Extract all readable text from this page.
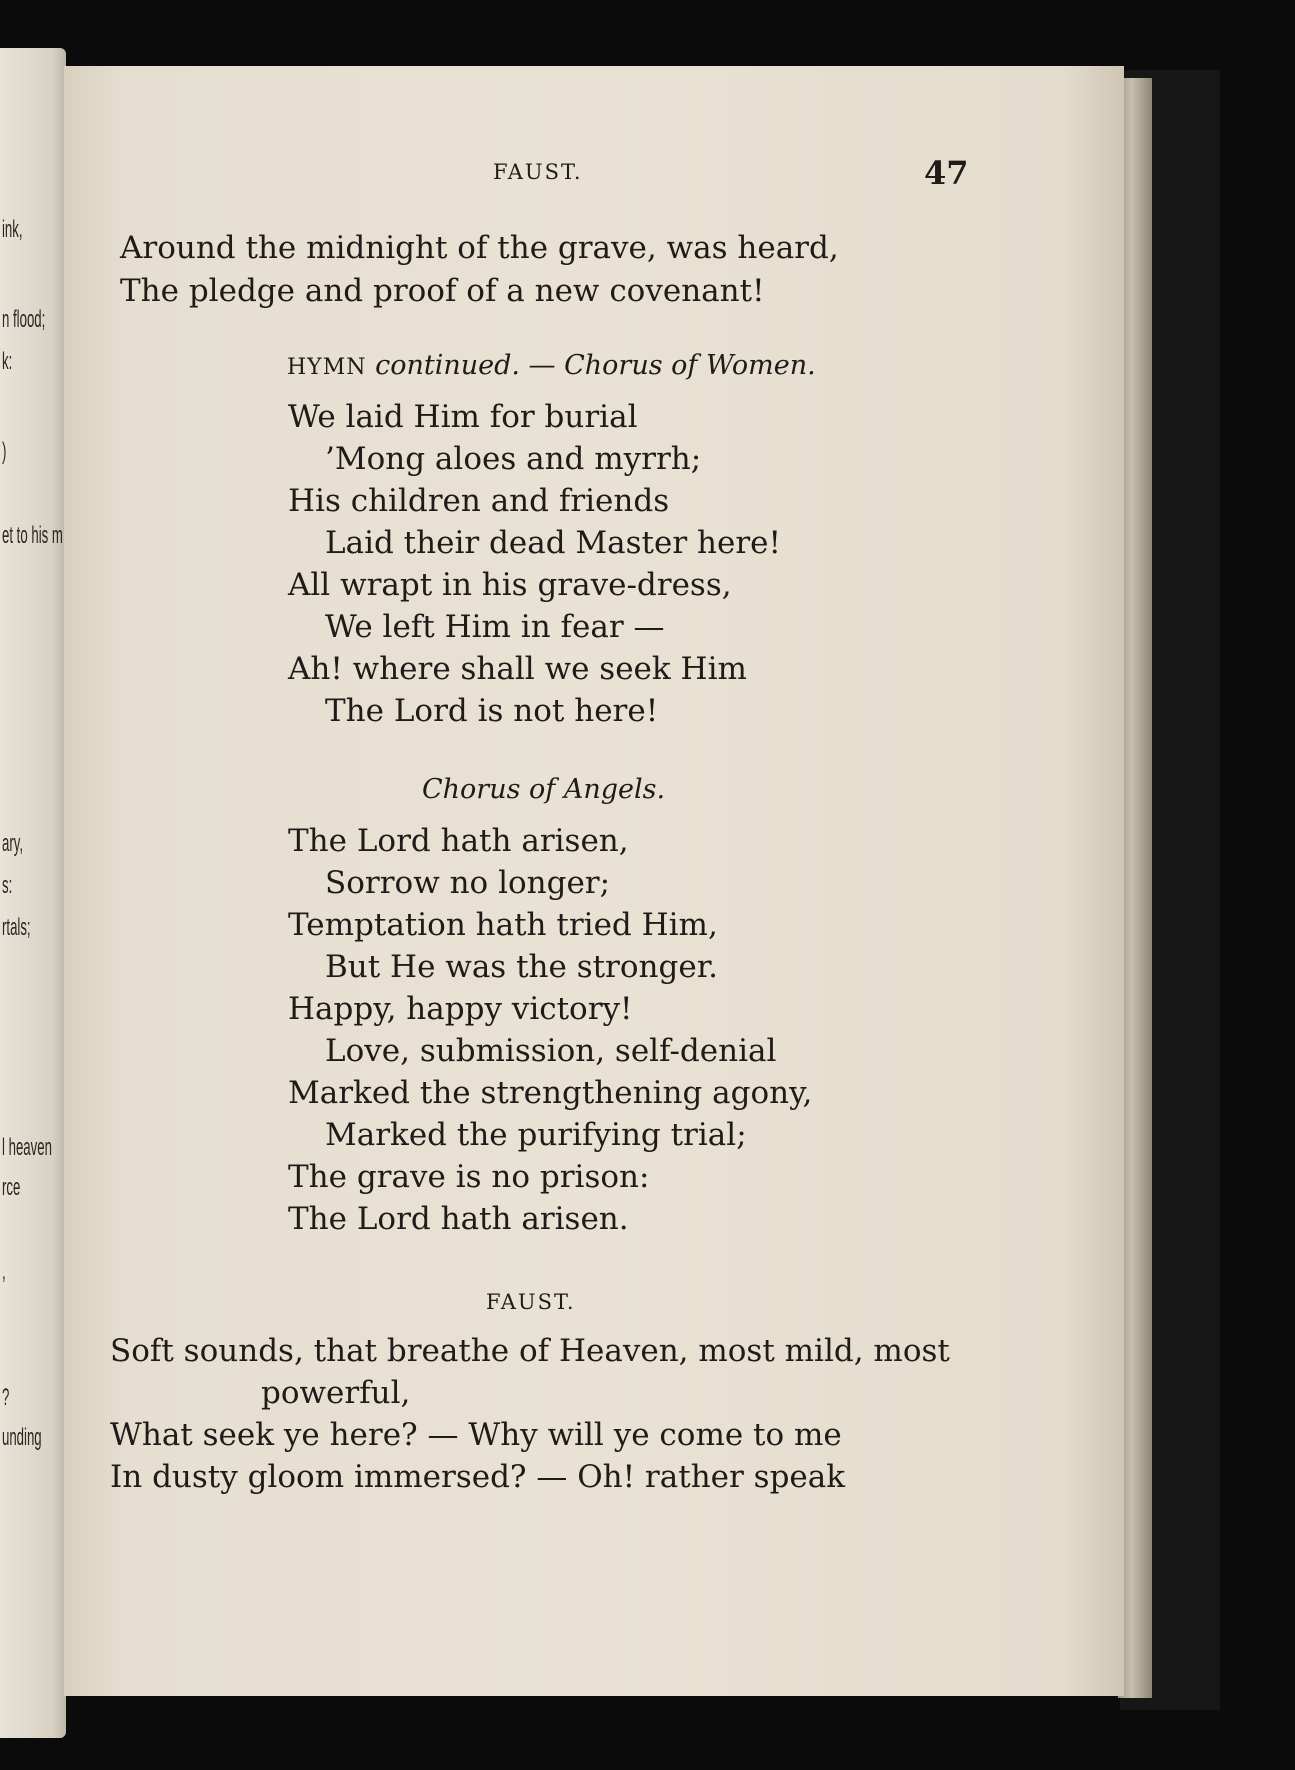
ink,
n flood;
k:
)
et to his m
ary,
s:
rtals;
l heaven
rce
,
?
unding
FAUST.	47
Around the midnight of the grave, was heard,
The pledge and proof of a new covenant!
HYMN continued. — Chorus of Women.
We laid Him for burial
’Mong aloes and myrrh;
His children and friends
Laid their dead Master here!
All wrapt in his grave-dress,
We left Him in fear —
Ah! where shall we seek Him
The Lord is not here!
Chorus of Angels.
The Lord hath arisen,
Sorrow no longer;
Temptation hath tried Him,
But He was the stronger.
Happy, happy victory!
Love, submission, self-denial
Marked the strengthening agony,
Marked the purifying trial;
The grave is no prison:
The Lord hath arisen.
FAUST.
Soft sounds, that breathe of Heaven, most mild, most
powerful,
What seek ye here? — Why will ye come to me
In dusty gloom immersed? — Oh! rather speak
